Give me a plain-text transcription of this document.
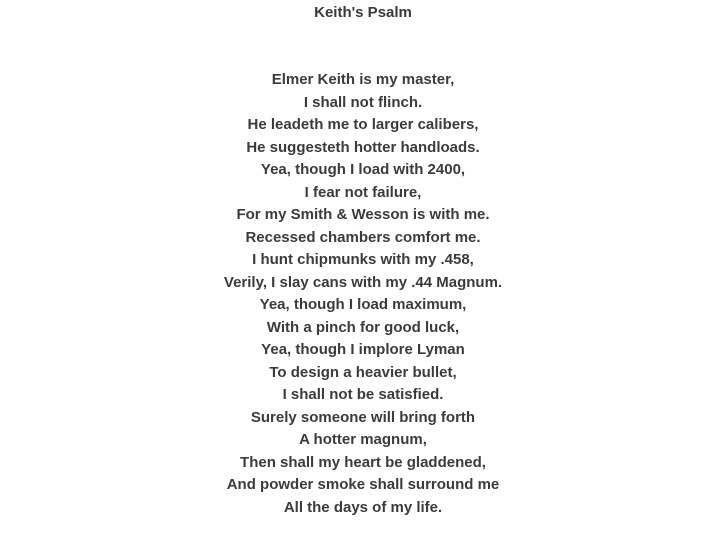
Keith's Psalm
Elmer Keith is my master,
I shall not flinch.
He leadeth me to larger calibers,
He suggesteth hotter handloads.
Yea, though I load with 2400,
I fear not failure,
For my Smith & Wesson is with me.
Recessed chambers comfort me.
I hunt chipmunks with my .458,
Verily, I slay cans with my .44 Magnum.
Yea, though I load maximum,
With a pinch for good luck,
Yea, though I implore Lyman
To design a heavier bullet,
I shall not be satisfied.
Surely someone will bring forth
A hotter magnum,
Then shall my heart be gladdened,
And powder smoke shall surround me
All the days of my life.
